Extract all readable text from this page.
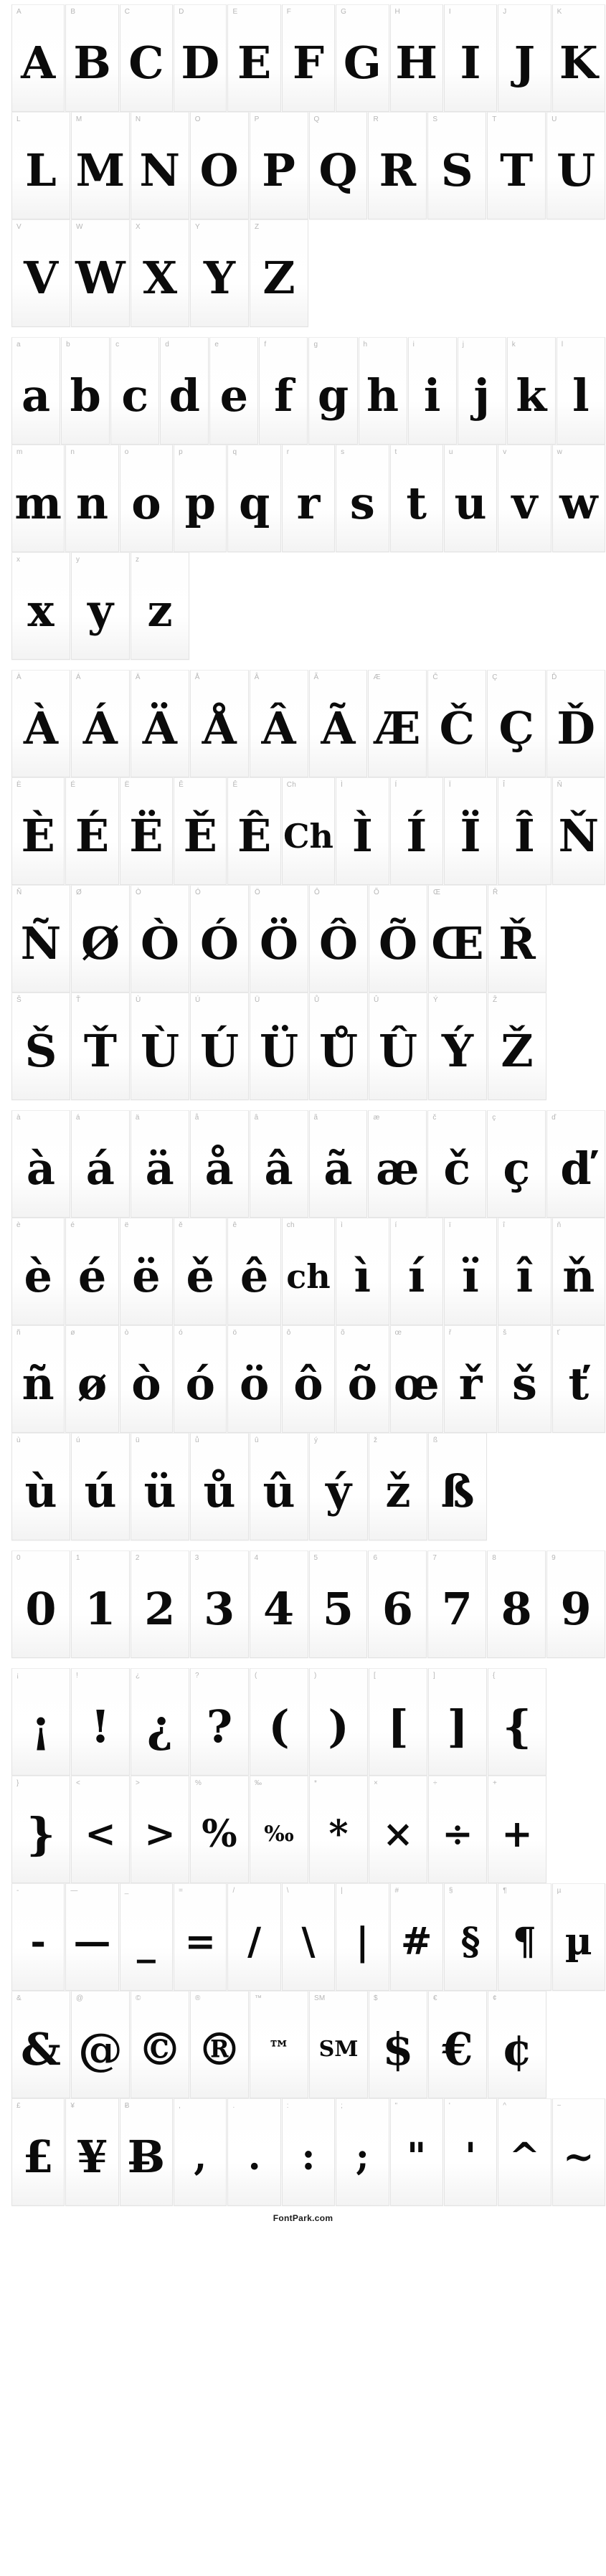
A
A
B
B
C
C
D
D
E
E
F
F
G
G
H
H
I
I
J
J
K
K
L
L
M
M
N
N
O
O
P
P
Q
Q
R
R
S
S
T
T
U
U
V
V
W
W
X
X
Y
Y
Z
Z
a
a
b
b
c
c
d
d
e
e
f
f
g
g
h
h
i
i
j
j
k
k
l
l
m
m
n
n
o
o
p
p
q
q
r
r
s
s
t
t
u
u
v
v
w
w
x
x
y
y
z
z
À
À
Á
Á
Ä
Ä
Å
Å
Â
Â
Ã
Ã
Æ
Æ
Č
Č
Ç
Ç
Ď
Ď
È
È
É
É
Ë
Ë
Ě
Ě
Ê
Ê
Ch
Ch
Ì
Ì
Í
Í
Ï
Ï
Î
Î
Ň
Ň
Ñ
Ñ
Ø
Ø
Ò
Ò
Ó
Ó
Ö
Ö
Ô
Ô
Õ
Õ
Œ
Œ
Ř
Ř
Š
Š
Ť
Ť
Ù
Ù
Ú
Ú
Ü
Ü
Ů
Ů
Û
Û
Ý
Ý
Ž
Ž
à
à
á
á
ä
ä
å
å
â
â
ã
ã
æ
æ
č
č
ç
ç
ď
ď
è
è
é
é
ë
ë
ě
ě
ê
ê
ch
ch
ì
ì
í
í
ï
ï
î
î
ň
ň
ñ
ñ
ø
ø
ò
ò
ó
ó
ö
ö
ô
ô
õ
õ
œ
œ
ř
ř
š
š
ť
ť
ù
ù
ú
ú
ü
ü
ů
ů
û
û
ý
ý
ž
ž
ß
ß
0
0
1
1
2
2
3
3
4
4
5
5
6
6
7
7
8
8
9
9
¡
¡
!
!
¿
¿
?
?
(
(
)
)
[
[
]
]
{
{
}
}
<
<
>
>
%
%
‰
‰
*
*
×
×
÷
÷
+
+
-
-
—
—
_
_
=
=
/
/
\
\
|
|
#
#
§
§
¶
¶
µ
µ
&
&
@
@
©
©
®
®
™
™
SM
SM
$
$
€
€
¢
¢
£
£
¥
¥
Ƀ
Ƀ
,
,
.
.
:
:
;
;
"
"
'
'
^
^
~
~
FontPark.com
